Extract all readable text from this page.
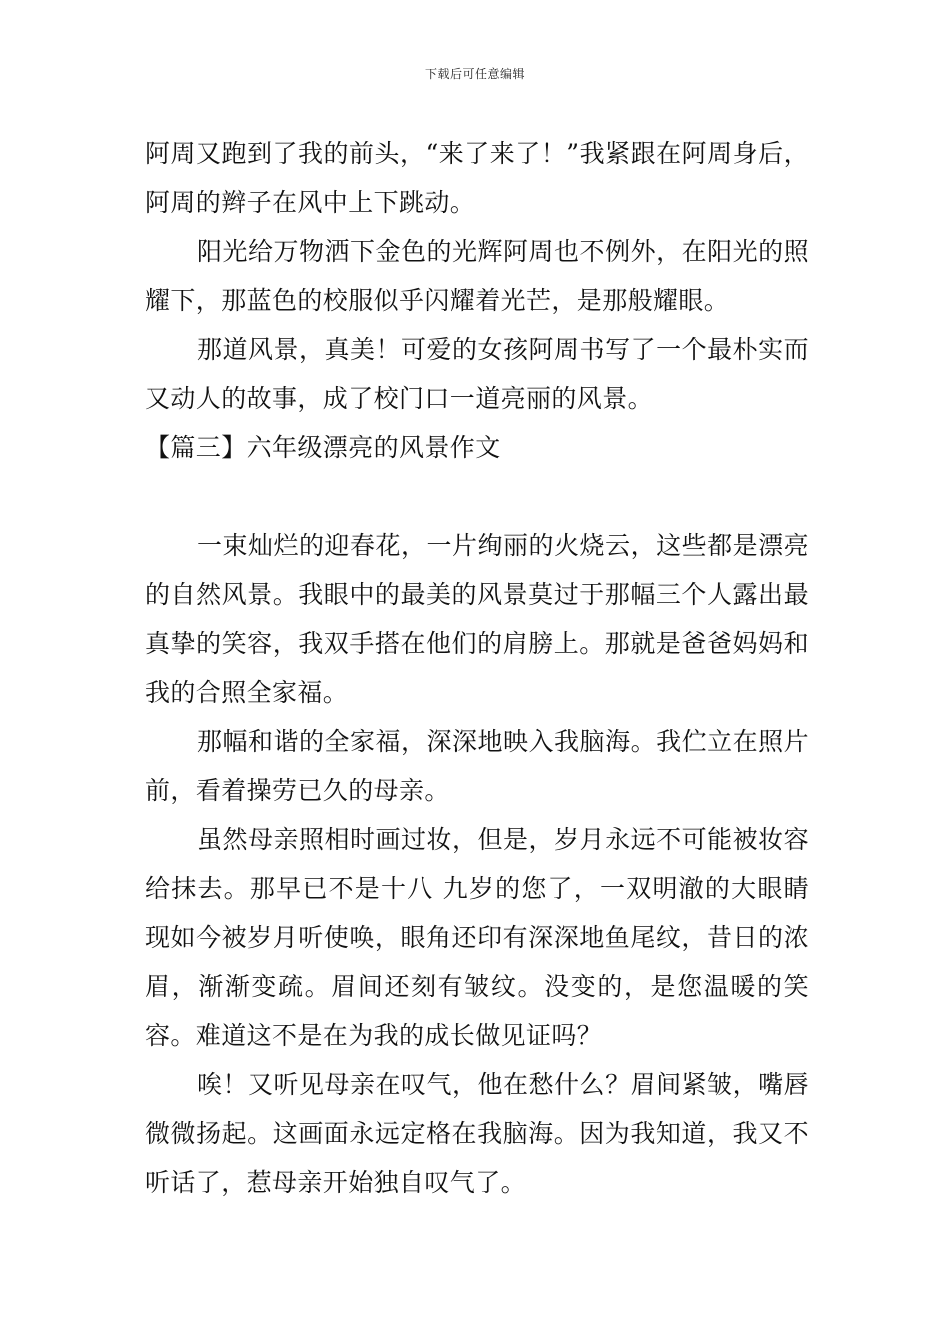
下载后可任意编辑

阿周又跑到了我的前头，“来了来了！”我紧跟在阿周身后，阿周的辫子在风中上下跳动。

阳光给万物洒下金色的光辉阿周也不例外，在阳光的照耀下，那蓝色的校服似乎闪耀着光芒，是那般耀眼。

那道风景，真美！可爱的女孩阿周书写了一个最朴实而又动人的故事，成了校门口一道亮丽的风景。

【篇三】六年级漂亮的风景作文

一束灿烂的迎春花，一片绚丽的火烧云，这些都是漂亮的自然风景。我眼中的最美的风景莫过于那幅三个人露出最真挚的笑容，我双手搭在他们的肩膀上。那就是爸爸妈妈和我的合照全家福。

那幅和谐的全家福，深深地映入我脑海。我伫立在照片前，看着操劳已久的母亲。

虽然母亲照相时画过妆，但是，岁月永远不可能被妆容给抹去。那早已不是十八 九岁的您了，一双明澈的大眼睛现如今被岁月听使唤，眼角还印有深深地鱼尾纹，昔日的浓眉，渐渐变疏。眉间还刻有皱纹。没变的，是您温暖的笑容。难道这不是在为我的成长做见证吗？

唉！又听见母亲在叹气，他在愁什么？眉间紧皱，嘴唇微微扬起。这画面永远定格在我脑海。因为我知道，我又不听话了，惹母亲开始独自叹气了。
